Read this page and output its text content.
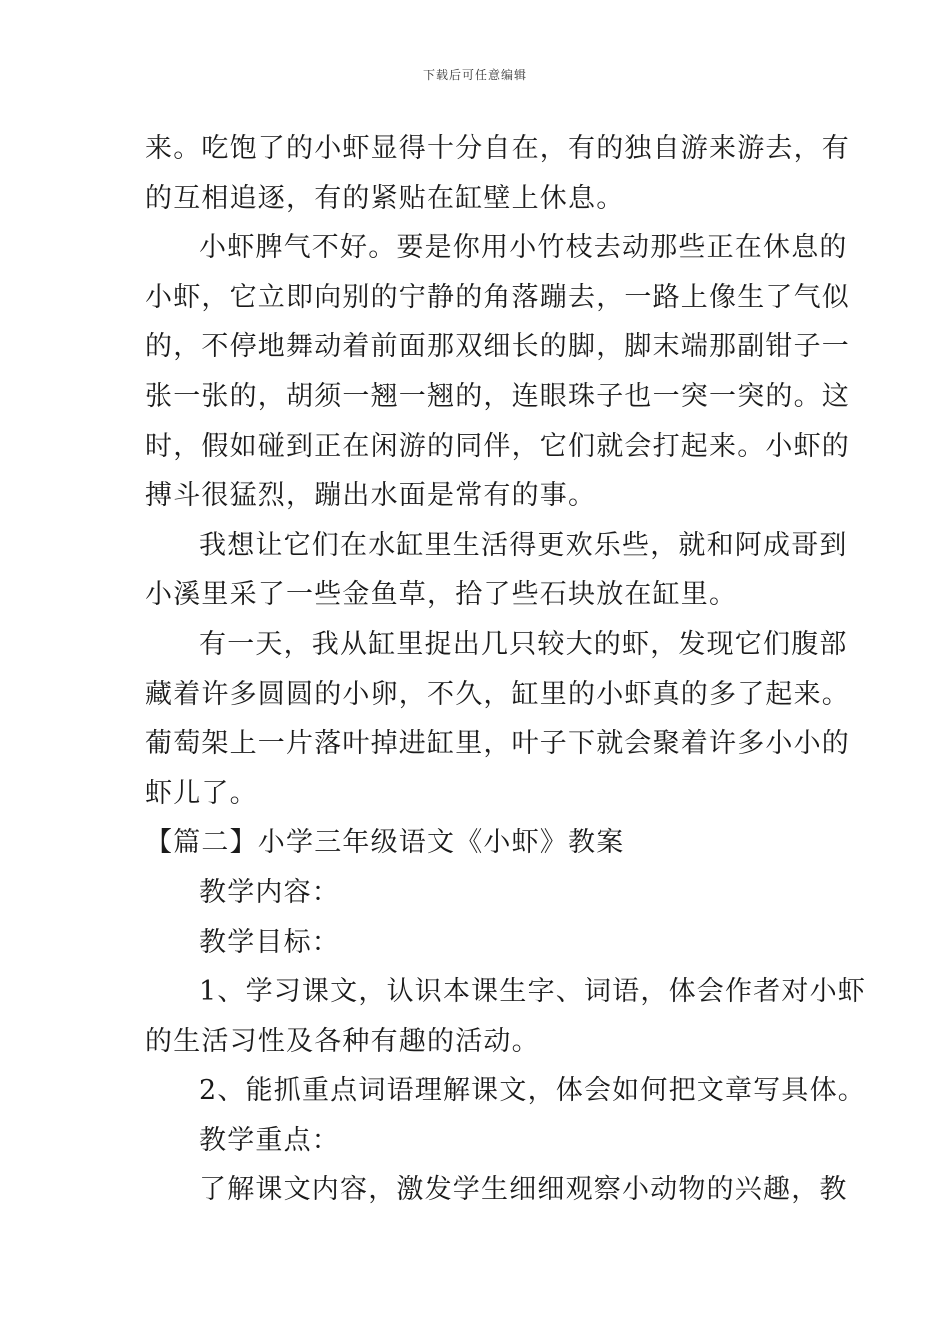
下载后可任意编辑
来。吃饱了的小虾显得十分自在，有的独自游来游去，有
的互相追逐，有的紧贴在缸壁上休息。
小虾脾气不好。要是你用小竹枝去动那些正在休息的
小虾，它立即向别的宁静的角落蹦去，一路上像生了气似
的，不停地舞动着前面那双细长的脚，脚末端那副钳子一
张一张的，胡须一翘一翘的，连眼珠子也一突一突的。这
时，假如碰到正在闲游的同伴，它们就会打起来。小虾的
搏斗很猛烈，蹦出水面是常有的事。
我想让它们在水缸里生活得更欢乐些，就和阿成哥到
小溪里采了一些金鱼草，拾了些石块放在缸里。
有一天，我从缸里捉出几只较大的虾，发现它们腹部
藏着许多圆圆的小卵，不久，缸里的小虾真的多了起来。
葡萄架上一片落叶掉进缸里，叶子下就会聚着许多小小的
虾儿了。
【篇二】小学三年级语文《小虾》教案
教学内容：
教学目标：
1、学习课文，认识本课生字、词语，体会作者对小虾
的生活习性及各种有趣的活动。
2、能抓重点词语理解课文，体会如何把文章写具体。
教学重点：
了解课文内容，激发学生细细观察小动物的兴趣，教
